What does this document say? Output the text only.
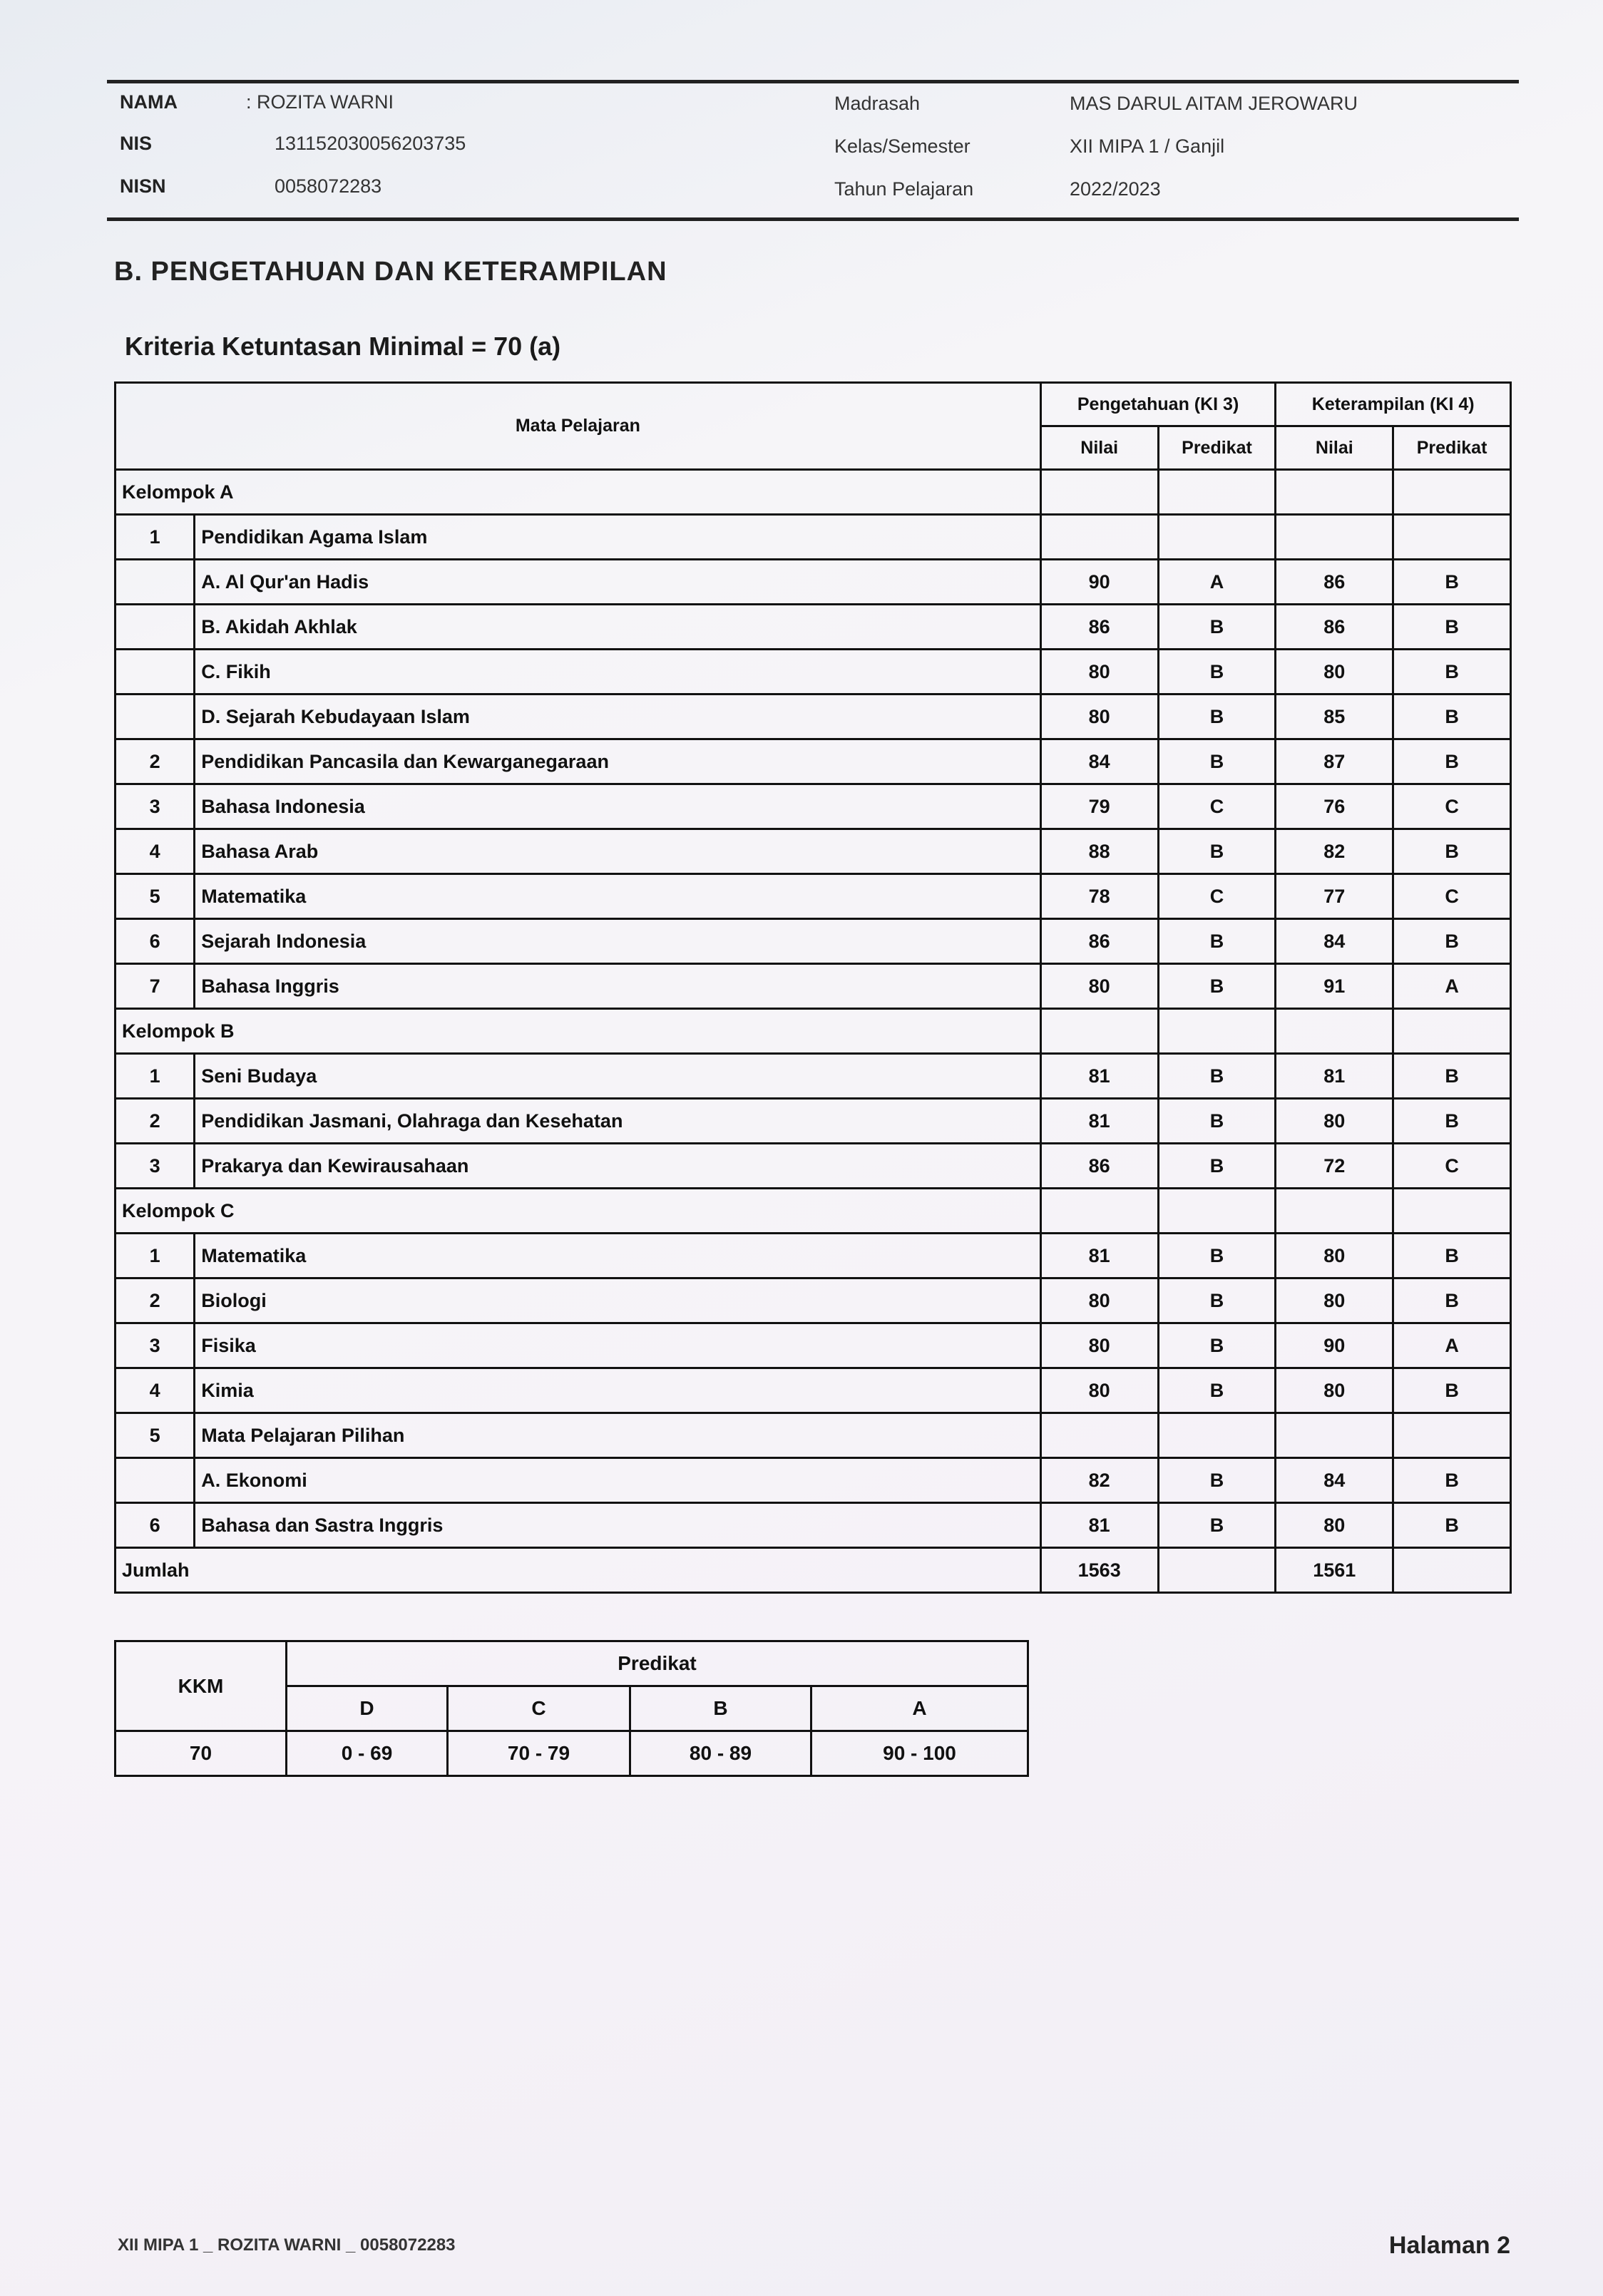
NAMA	: ROZITA WARNI
NIS	131152030056203735
NISN	0058072283
Madrasah	MAS DARUL AITAM JEROWARU
Kelas/Semester	XII MIPA 1 / Ganjil
Tahun Pelajaran	2022/2023
B. PENGETAHUAN DAN KETERAMPILAN
Kriteria Ketuntasan Minimal = 70 (a)
Mata Pelajaran		Pengetahuan (KI 3)		Keterampilan (KI 4)	
		Nilai	Predikat	Nilai	Predikat
Kelompok A					
1	Pendidikan Agama Islam				
	A. Al Qur'an Hadis	90	A	86	B
	B. Akidah Akhlak	86	B	86	B
	C. Fikih	80	B	80	B
	D. Sejarah Kebudayaan Islam	80	B	85	B
2	Pendidikan Pancasila dan Kewarganegaraan	84	B	87	B
3	Bahasa Indonesia	79	C	76	C
4	Bahasa Arab	88	B	82	B
5	Matematika	78	C	77	C
6	Sejarah Indonesia	86	B	84	B
7	Bahasa Inggris	80	B	91	A
Kelompok B					
1	Seni Budaya	81	B	81	B
2	Pendidikan Jasmani, Olahraga dan Kesehatan	81	B	80	B
3	Prakarya dan Kewirausahaan	86	B	72	C
Kelompok C					
1	Matematika	81	B	80	B
2	Biologi	80	B	80	B
3	Fisika	80	B	90	A
4	Kimia	80	B	80	B
5	Mata Pelajaran Pilihan				
	A. Ekonomi	82	B	84	B
6	Bahasa dan Sastra Inggris	81	B	80	B
Jumlah		1563		1561	
KKM	Predikat			
	D	C	B	A
70	0 - 69	70 - 79	80 - 89	90 - 100
XII MIPA 1 _ ROZITA WARNI _ 0058072283	Halaman 2
